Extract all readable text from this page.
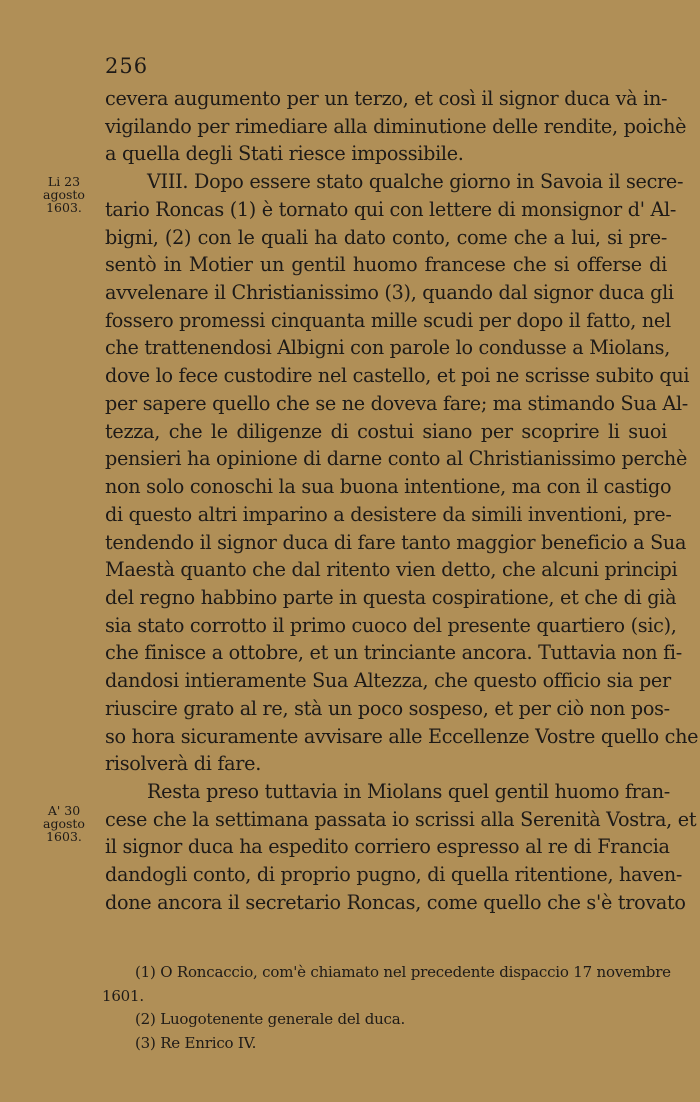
256
Li 23
agosto
1603.
A' 30
agosto
1603.
cevera augumento per un terzo, et così il signor duca và in-
vigilando per rimediare alla diminutione delle rendite, poichè
a quella degli Stati riesce impossibile.
VIII. Dopo essere stato qualche giorno in Savoia il secre-
tario Roncas (1) è tornato qui con lettere di monsignor d' Al-
bigni, (2) con le quali ha dato conto, come che a lui, si pre-
sentò in Motier un gentil huomo francese che si offerse di
avvelenare il Christianissimo (3), quando dal signor duca gli
fossero promessi cinquanta mille scudi per dopo il fatto, nel
che trattenendosi Albigni con parole lo condusse a Miolans,
dove lo fece custodire nel castello, et poi ne scrisse subito qui
per sapere quello che se ne doveva fare; ma stimando Sua Al-
tezza, che le diligenze di costui siano per scoprire li suoi
pensieri ha opinione di darne conto al Christianissimo perchè
non solo conoschi la sua buona intentione, ma con il castigo
di questo altri imparino a desistere da simili inventioni, pre-
tendendo il signor duca di fare tanto maggior beneficio a Sua
Maestà quanto che dal ritento vien detto, che alcuni principi
del regno habbino parte in questa cospiratione, et che di già
sia stato corrotto il primo cuoco del presente quartiero (sic),
che finisce a ottobre, et un trinciante ancora. Tuttavia non fi-
dandosi intieramente Sua Altezza, che questo officio sia per
riuscire grato al re, stà un poco sospeso, et per ciò non pos-
so hora sicuramente avvisare alle Eccellenze Vostre quello che
risolverà di fare.
Resta preso tuttavia in Miolans quel gentil huomo fran-
cese che la settimana passata io scrissi alla Serenità Vostra, et
il signor duca ha espedito corriero espresso al re di Francia
dandogli conto, di proprio pugno, di quella ritentione, haven-
done ancora il secretario Roncas, come quello che s'è trovato
(1) O Roncaccio, com'è chiamato nel precedente dispaccio 17 novembre
1601.
(2) Luogotenente generale del duca.
(3) Re Enrico IV.
